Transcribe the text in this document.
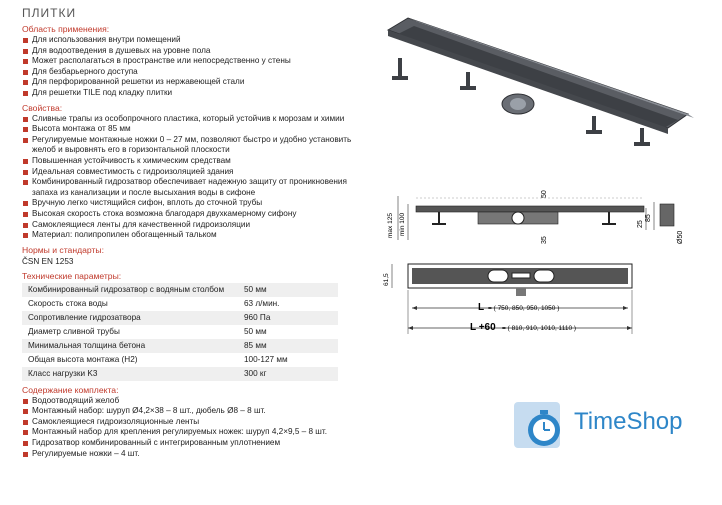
ПЛИТКИ
Область применения:
Для использования внутри помещений
Для водоотведения в душевых на уровне пола
Может располагаться в пространстве или непосредственно у стены
Для безбарьерного доступа
Для перфорированной решетки из нержавеющей стали
Для решетки TILE под кладку плитки
Свойства:
Сливные трапы из особопрочного пластика, который устойчив к морозам и химии
Высота монтажа от 85 мм
Регулируемые монтажные ножки 0 – 27 мм, позволяют быстро и удобно установить желоб и выровнять его в горизонтальной плоскости
Повышенная устойчивость к химическим средствам
Идеальная совместимость с гидроизоляцией здания
Комбинированный гидрозатвор обеспечивает надежную защиту от проникновения запаха из канализации и после высыхания воды в сифоне
Вручную легко чистящийся сифон, вплоть до сточной трубы
Высокая скорость стока возможна благодаря двухкамерному сифону
Самоклеящиеся ленты для качественной гидроизоляции
Материал: полипропилен обогащенный тальком
Нормы и стандарты:
ČSN EN 1253
Технические параметры:
Комбинированный гидрозатвор с водяным столбом	50 мм
Скорость стока воды	63 л/мин.
Сопротивление гидрозатвора	960 Па
Диаметр сливной трубы	50 мм
Минимальная толщина бетона	85 мм
Общая высота монтажа (H2)	100-127 мм
Класс нагрузки K3	300 кг
Содержание комплекта:
Водоотводящий желоб
Монтажный набор: шуруп Ø4,2×38 – 8 шт., дюбель Ø8 – 8 шт.
Самоклеящиеся гидроизоляционные ленты
Монтажный набор для крепления регулируемых ножек: шуруп 4,2×9,5 – 8 шт.
Гидрозатвор комбинированный с интегрированным уплотнением
Регулируемые ножки – 4 шт.
50
max 125 min 100
35
85
25
Ø50
61,5
L = ( 750, 850, 950, 1050 )
L +60 = ( 810, 910, 1010, 1110 )
TimeShop
